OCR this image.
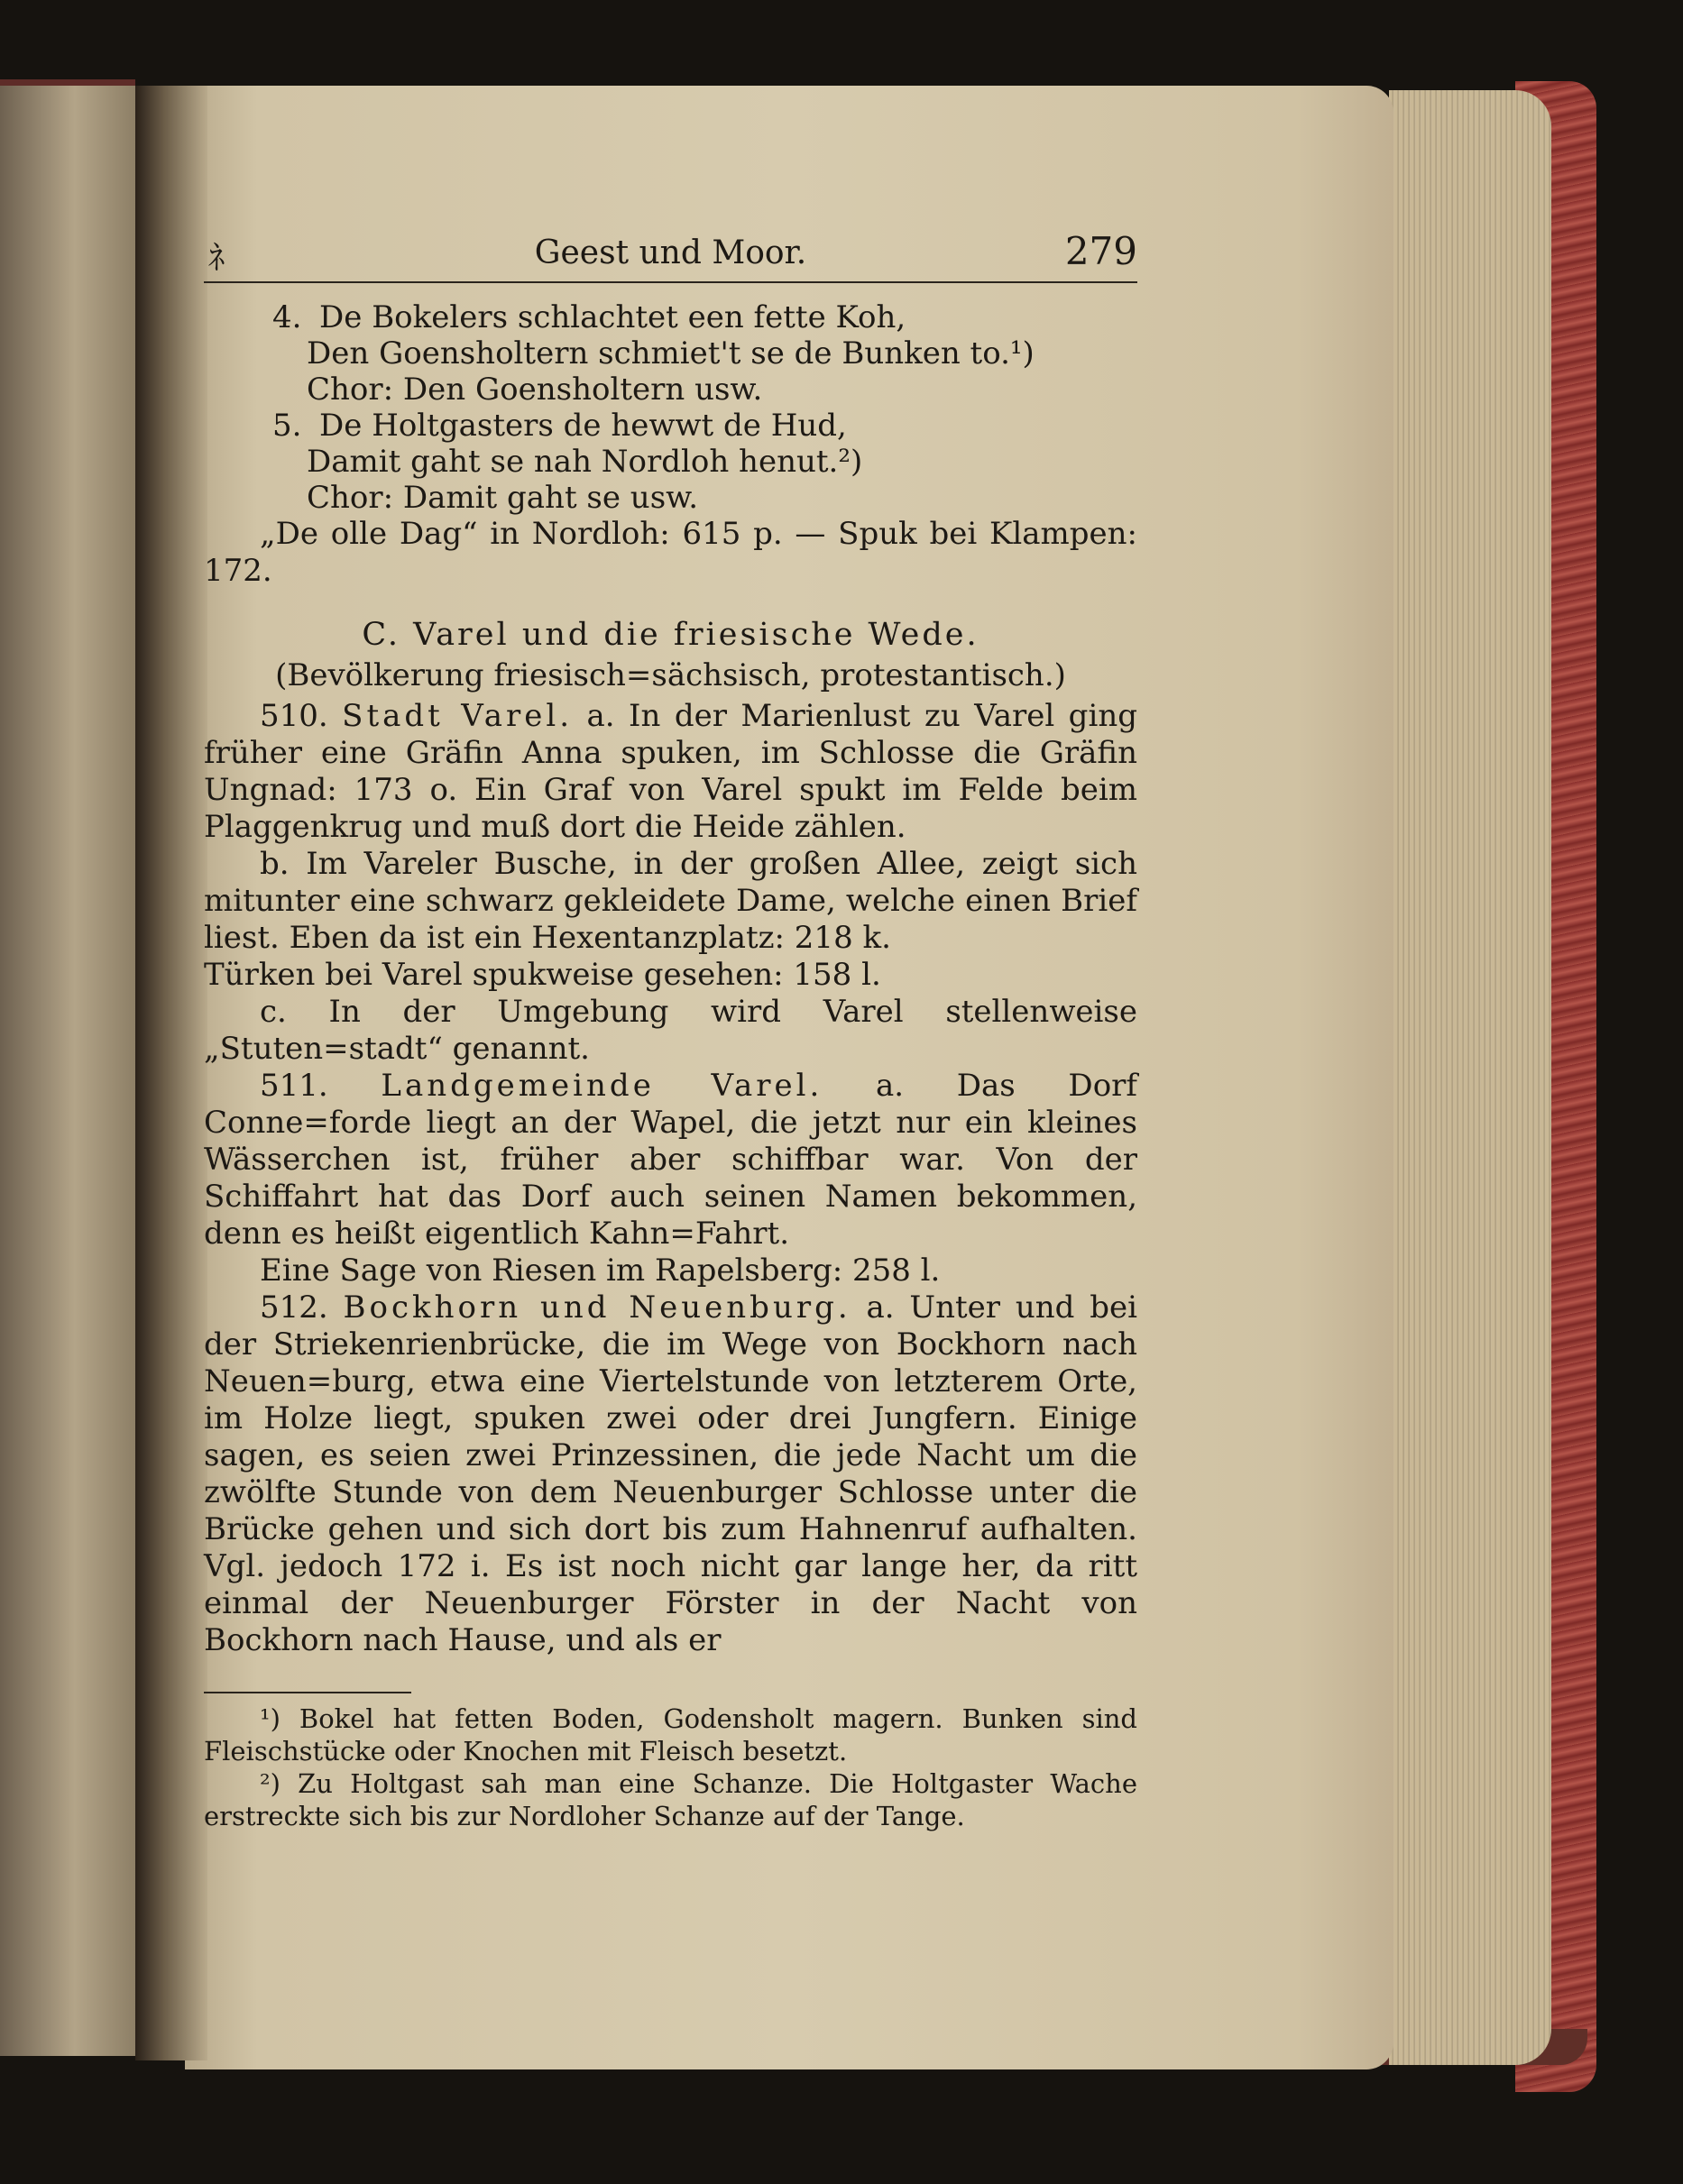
ﾈ	Geest und Moor.	279
4. De Bokelers schlachtet een fette Koh,
Den Goensholtern schmiet't se de Bunken to.¹)
Chor: Den Goensholtern usw.
5. De Holtgasters de hewwt de Hud,
Damit gaht se nah Nordloh henut.²)
Chor: Damit gaht se usw.

„De olle Dag“ in Nordloh: 615 p. — Spuk bei Klampen: 172.

C. Varel und die friesische Wede.
(Bevölkerung friesisch=sächsisch, protestantisch.)

510. Stadt Varel. a. In der Marienlust zu Varel ging früher eine Gräfin Anna spuken, im Schlosse die Gräfin Ungnad: 173 o. Ein Graf von Varel spukt im Felde beim Plaggenkrug und muß dort die Heide zählen.

b. Im Vareler Busche, in der großen Allee, zeigt sich mitunter eine schwarz gekleidete Dame, welche einen Brief liest. Eben da ist ein Hexentanzplatz: 218 k.

Türken bei Varel spukweise gesehen: 158 l.

c. In der Umgebung wird Varel stellenweise „Stuten=stadt“ genannt.

511. Landgemeinde Varel. a. Das Dorf Conne=forde liegt an der Wapel, die jetzt nur ein kleines Wässerchen ist, früher aber schiffbar war. Von der Schiffahrt hat das Dorf auch seinen Namen bekommen, denn es heißt eigentlich Kahn=Fahrt.

Eine Sage von Riesen im Rapelsberg: 258 l.

512. Bockhorn und Neuenburg. a. Unter und bei der Striekenrienbrücke, die im Wege von Bockhorn nach Neuen=burg, etwa eine Viertelstunde von letzterem Orte, im Holze liegt, spuken zwei oder drei Jungfern. Einige sagen, es seien zwei Prinzessinen, die jede Nacht um die zwölfte Stunde von dem Neuenburger Schlosse unter die Brücke gehen und sich dort bis zum Hahnenruf aufhalten. Vgl. jedoch 172 i. Es ist noch nicht gar lange her, da ritt einmal der Neuenburger Förster in der Nacht von Bockhorn nach Hause, und als er

¹) Bokel hat fetten Boden, Godensholt magern. Bunken sind Fleischstücke oder Knochen mit Fleisch besetzt.

²) Zu Holtgast sah man eine Schanze. Die Holtgaster Wache erstreckte sich bis zur Nordloher Schanze auf der Tange.
